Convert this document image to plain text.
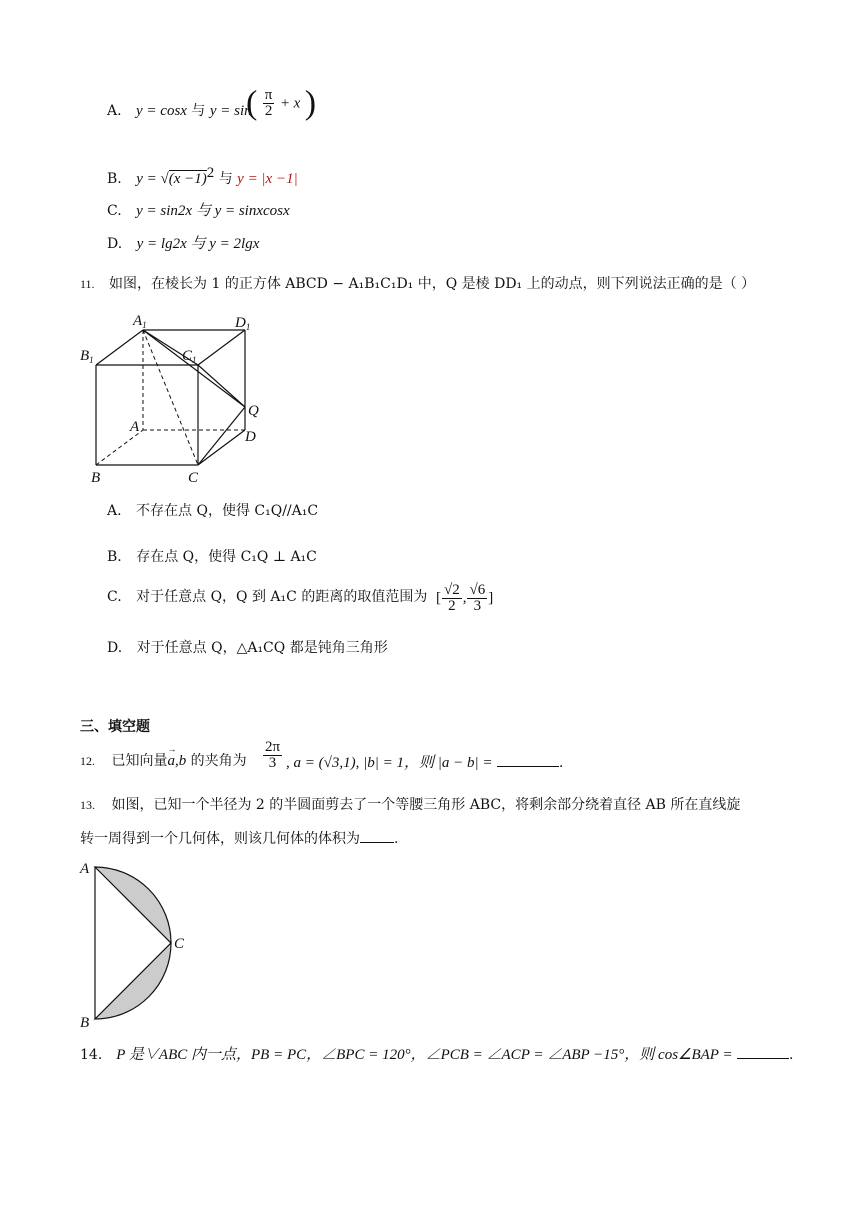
A. y = cosx 与 y = sin
( $\frac{\pi}{2} + x$ )
B. $y = √(x -1)^2$ 与 y = |x −1|
C. y = sin2x 与 y = sinxcosx
D. y = lg2x 与 y = 2lgx
11. 如图，在棱长为 1 的正方体 ABCD − A₁B₁C₁D₁ 中，Q 是棱 DD₁ 上的动点，则下列说法正确的是（ ）
$A_1$	$D_1$
$B_1$	$C_1$
Q
A
D
B	C
A. 不存在点 Q，使得 C₁Q//A₁C
B. 存在点 Q，使得 C₁Q ⊥ A₁C
C. 对于任意点 Q，Q 到 A₁C 的距离的取值范围为 [ $\frac{√2}{2}$ , $\frac{√6}{3}$ ]
D. 对于任意点 Q，△A₁CQ 都是钝角三角形
三、填空题
12. 已知向量→ a,b 的夹角为 $\frac{2\pi}{3}$ , a = (√3,1), |b| = 1，则 |a − b| =	.
13. 如图，已知一个半径为 2 的半圆面剪去了一个等腰三角形 ABC，将剩余部分绕着直径 AB 所在直线旋
转一周得到一个几何体，则该几何体的体积为 .
A
C
B
14． P 是∨ABC 内一点，PB = PC，∠BPC = 120°，∠PCB = ∠ACP = ∠ABP −15°，则 cos∠BAP =	.
